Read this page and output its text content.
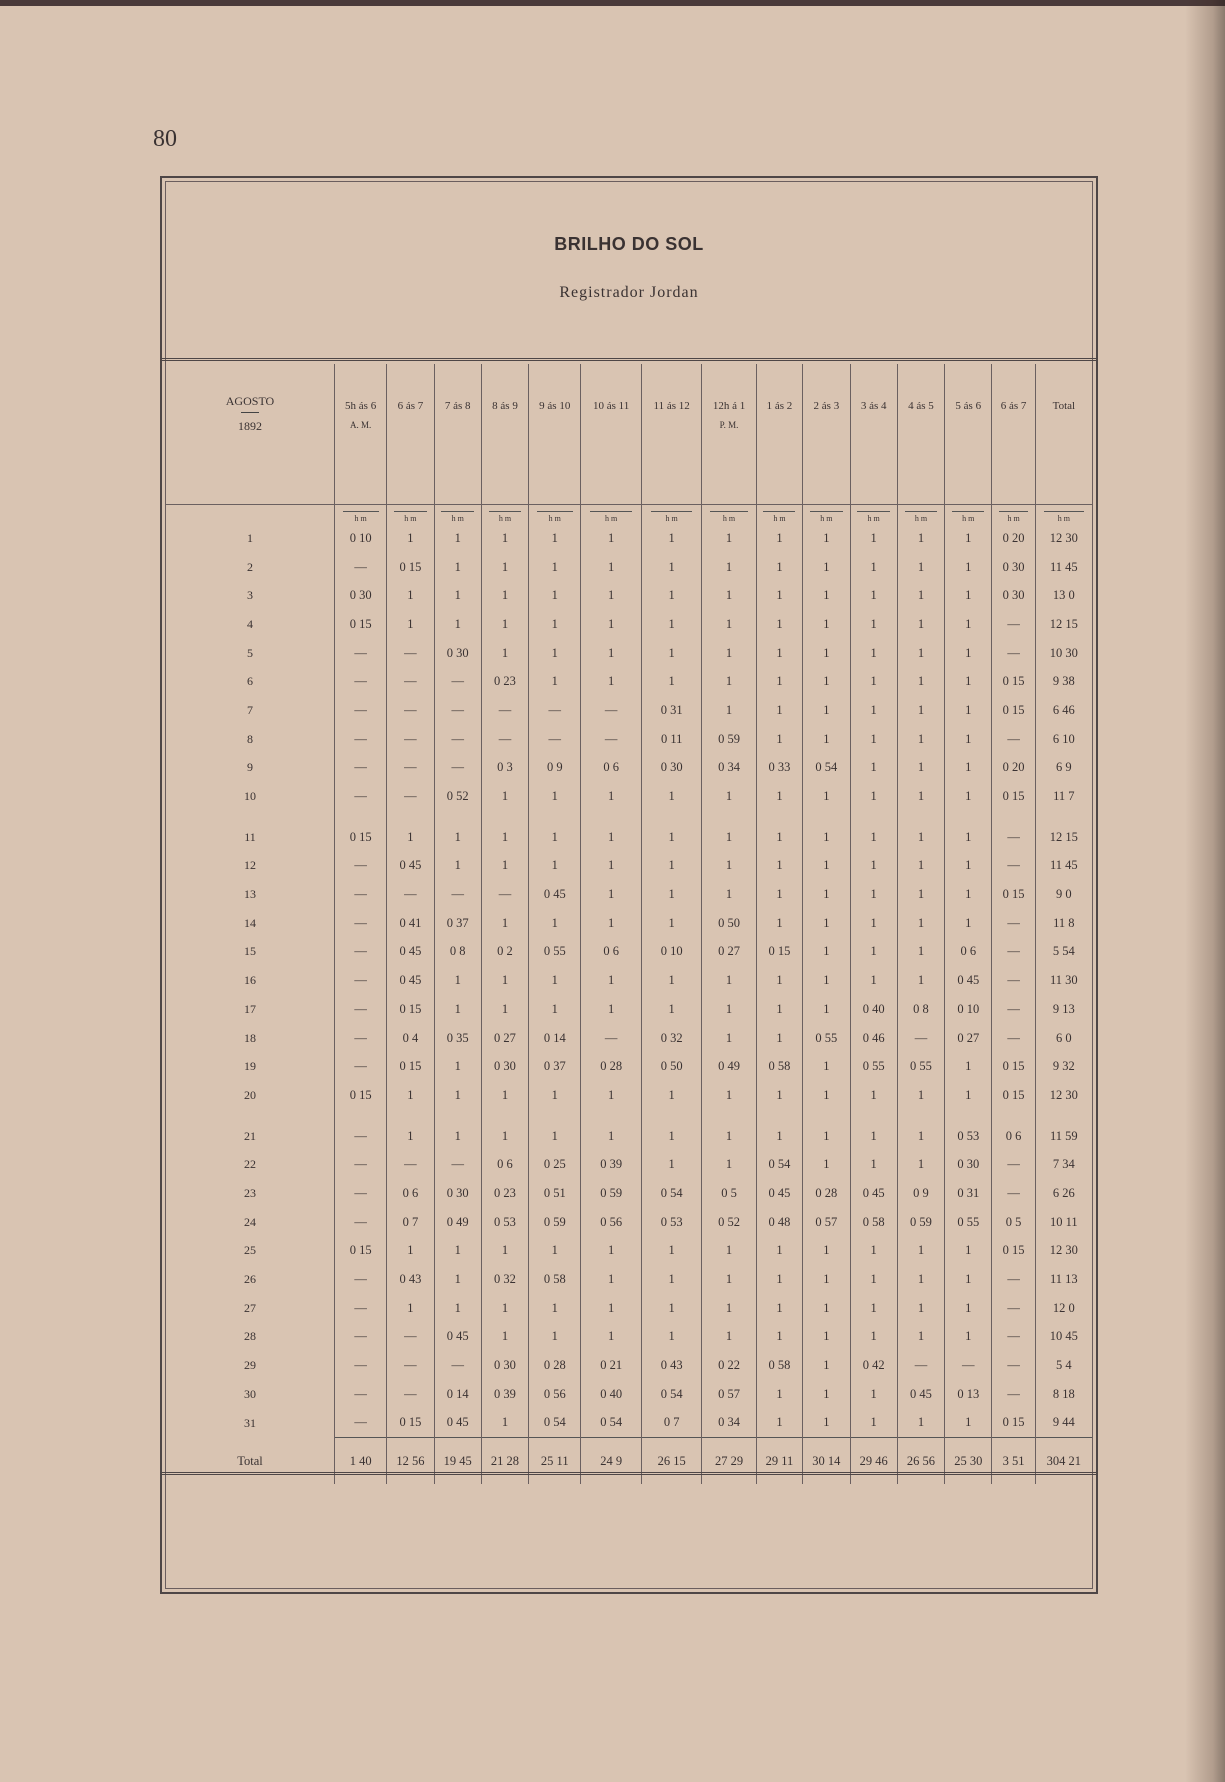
80
BRILHO DO SOL
Registrador Jordan
AGOSTO
1892	5h ás 6
A. M.	6 ás 7	7 ás 8	8 ás 9	9 ás 10	10 ás 11	11 ás 12	12h á 1
P. M.	1 ás 2	2 ás 3	3 ás 4	4 ás 5	5 ás 6	6 ás 7	Total

	h m	h m	h m	h m	h m	h m	h m	h m	h m	h m	h m	h m	h m	h m	h m
1	0 10	1	1	1	1	1	1	1	1	1	1	1	1	0 20	12 30
2	—	0 15	1	1	1	1	1	1	1	1	1	1	1	0 30	11 45
3	0 30	1	1	1	1	1	1	1	1	1	1	1	1	0 30	13 0
4	0 15	1	1	1	1	1	1	1	1	1	1	1	1	—	12 15
5	—	—	0 30	1	1	1	1	1	1	1	1	1	1	—	10 30
6	—	—	—	0 23	1	1	1	1	1	1	1	1	1	0 15	9 38
7	—	—	—	—	—	—	0 31	1	1	1	1	1	1	0 15	6 46
8	—	—	—	—	—	—	0 11	0 59	1	1	1	1	1	—	6 10
9	—	—	—	0 3	0 9	0 6	0 30	0 34	0 33	0 54	1	1	1	0 20	6 9
10	—	—	0 52	1	1	1	1	1	1	1	1	1	1	0 15	11 7
11	0 15	1	1	1	1	1	1	1	1	1	1	1	1	—	12 15
12	—	0 45	1	1	1	1	1	1	1	1	1	1	1	—	11 45
13	—	—	—	—	0 45	1	1	1	1	1	1	1	1	0 15	9 0
14	—	0 41	0 37	1	1	1	1	0 50	1	1	1	1	1	—	11 8
15	—	0 45	0 8	0 2	0 55	0 6	0 10	0 27	0 15	1	1	1	0 6	—	5 54
16	—	0 45	1	1	1	1	1	1	1	1	1	1	0 45	—	11 30
17	—	0 15	1	1	1	1	1	1	1	1	0 40	0 8	0 10	—	9 13
18	—	0 4	0 35	0 27	0 14	—	0 32	1	1	0 55	0 46	—	0 27	—	6 0
19	—	0 15	1	0 30	0 37	0 28	0 50	0 49	0 58	1	0 55	0 55	1	0 15	9 32
20	0 15	1	1	1	1	1	1	1	1	1	1	1	1	0 15	12 30
21	—	1	1	1	1	1	1	1	1	1	1	1	0 53	0 6	11 59
22	—	—	—	0 6	0 25	0 39	1	1	0 54	1	1	1	0 30	—	7 34
23	—	0 6	0 30	0 23	0 51	0 59	0 54	0 5	0 45	0 28	0 45	0 9	0 31	—	6 26
24	—	0 7	0 49	0 53	0 59	0 56	0 53	0 52	0 48	0 57	0 58	0 59	0 55	0 5	10 11
25	0 15	1	1	1	1	1	1	1	1	1	1	1	1	0 15	12 30
26	—	0 43	1	0 32	0 58	1	1	1	1	1	1	1	1	—	11 13
27	—	1	1	1	1	1	1	1	1	1	1	1	1	—	12 0
28	—	—	0 45	1	1	1	1	1	1	1	1	1	1	—	10 45
29	—	—	—	0 30	0 28	0 21	0 43	0 22	0 58	1	0 42	—	—	—	5 4
30	—	—	0 14	0 39	0 56	0 40	0 54	0 57	1	1	1	0 45	0 13	—	8 18
31	—	0 15	0 45	1	0 54	0 54	0 7	0 34	1	1	1	1	1	0 15	9 44
Total	1 40	12 56	19 45	21 28	25 11	24 9	26 15	27 29	29 11	30 14	29 46	26 56	25 30	3 51	304 21
